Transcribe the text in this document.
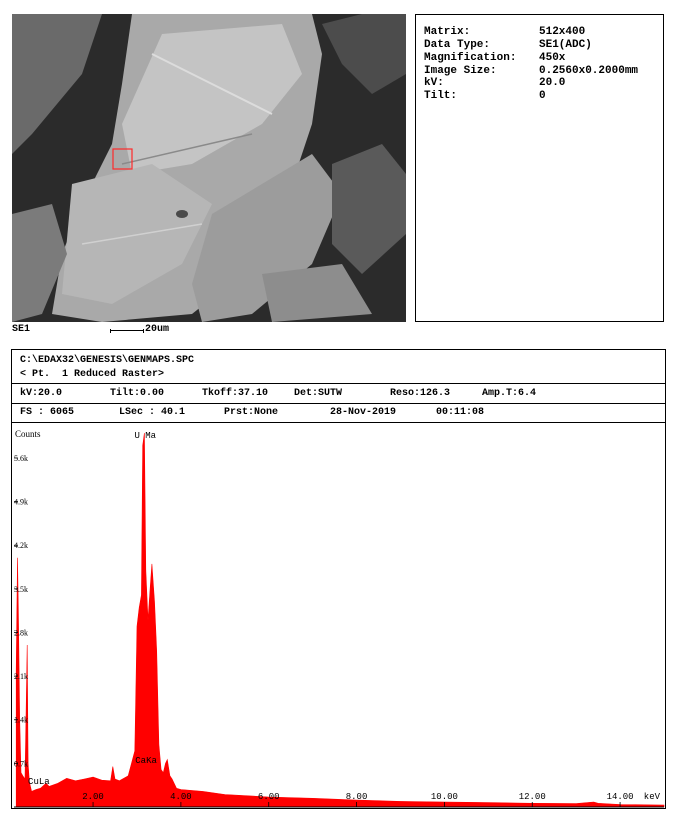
Matrix:	512x400
Data Type:	SE1(ADC)
Magnification: 450x
Image Size:	0.2560x0.2000mm
kV:	20.0
Tilt:	0
SE1	20um
C:\EDAX32\GENESIS\GENMAPS.SPC
< Pt.  1 Reduced Raster>
kV:20.0	Tilt:0.00	Tkoff:37.10	Det:SUTW	Reso:126.3	Amp.T:6.4
FS : 6065	LSec : 40.1	Prst:None	28-Nov-2019	00:11:08
0.7k
1.4k
2.1k
2.8k
3.5k
4.2k
4.9k
5.6k
2.00	4.00	6.00	8.00	10.00	12.00	14.00
Counts
keV
U Ma
CaKa
CuLa
